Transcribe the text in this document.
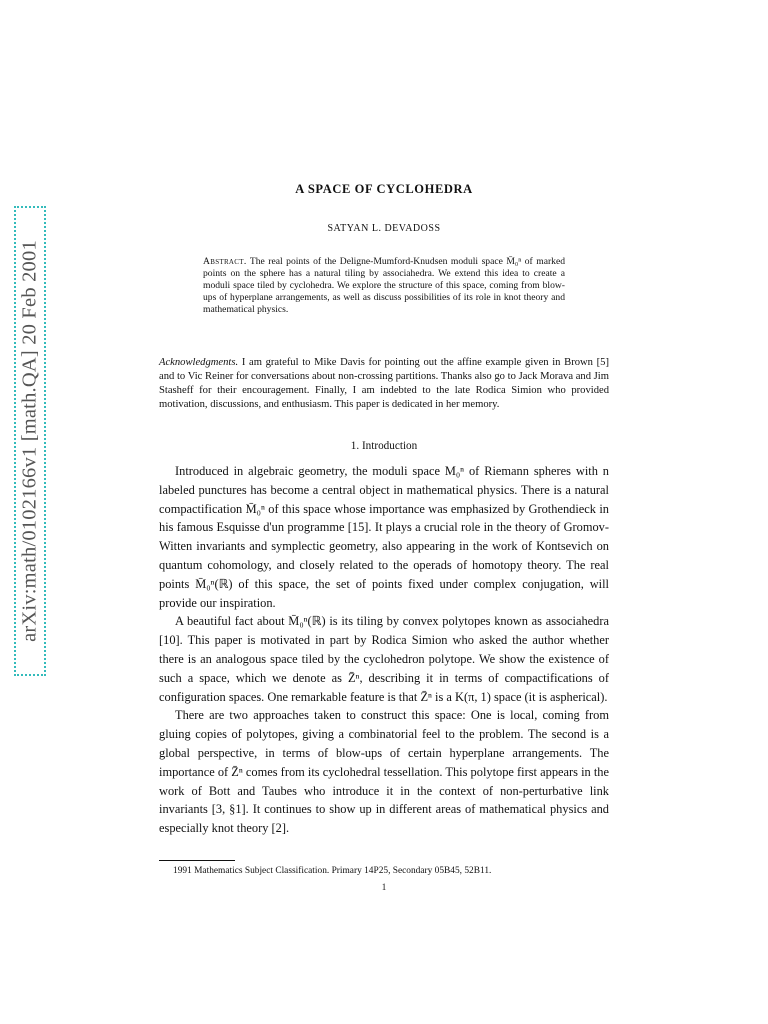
arXiv:math/0102166v1 [math.QA] 20 Feb 2001
A SPACE OF CYCLOHEDRA
SATYAN L. DEVADOSS
Abstract. The real points of the Deligne-Mumford-Knudsen moduli space M̄₀ⁿ of marked points on the sphere has a natural tiling by associahedra. We extend this idea to create a moduli space tiled by cyclohedra. We explore the structure of this space, coming from blow-ups of hyperplane arrangements, as well as discuss possibilities of its role in knot theory and mathematical physics.
Acknowledgments. I am grateful to Mike Davis for pointing out the affine example given in Brown [5] and to Vic Reiner for conversations about non-crossing partitions. Thanks also go to Jack Morava and Jim Stasheff for their encouragement. Finally, I am indebted to the late Rodica Simion who provided motivation, discussions, and enthusiasm. This paper is dedicated in her memory.
1. Introduction

Introduced in algebraic geometry, the moduli space M₀ⁿ of Riemann spheres with n labeled punctures has become a central object in mathematical physics. There is a natural compactification M̄₀ⁿ of this space whose importance was emphasized by Grothendieck in his famous Esquisse d'un programme [15]. It plays a crucial role in the theory of Gromov-Witten invariants and symplectic geometry, also appearing in the work of Kontsevich on quantum cohomology, and closely related to the operads of homotopy theory. The real points M̄₀ⁿ(ℝ) of this space, the set of points fixed under complex conjugation, will provide our inspiration.

A beautiful fact about M̄₀ⁿ(ℝ) is its tiling by convex polytopes known as associahedra [10]. This paper is motivated in part by Rodica Simion who asked the author whether there is an analogous space tiled by the cyclohedron polytope. We show the existence of such a space, which we denote as Z̄ⁿ, describing it in terms of compactifications of configuration spaces. One remarkable feature is that Z̄ⁿ is a K(π, 1) space (it is aspherical).

There are two approaches taken to construct this space: One is local, coming from gluing copies of polytopes, giving a combinatorial feel to the problem. The second is a global perspective, in terms of blow-ups of certain hyperplane arrangements. The importance of Z̄ⁿ comes from its cyclohedral tessellation. This polytope first appears in the work of Bott and Taubes who introduce it in the context of non-perturbative link invariants [3, §1]. It continues to show up in different areas of mathematical physics and especially knot theory [2].

1991 Mathematics Subject Classification. Primary 14P25, Secondary 05B45, 52B11.
1
